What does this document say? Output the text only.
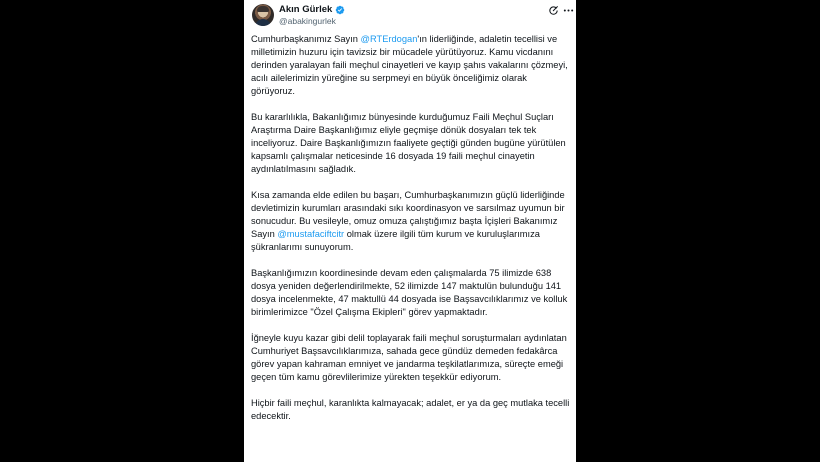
Akın Gürlek
@abakingurlek

Cumhurbaşkanımız Sayın @RTErdogan'ın liderliğinde, adaletin tecellisi ve milletimizin huzuru için tavizsiz bir mücadele yürütüyoruz. Kamu vicdanını derinden yaralayan faili meçhul cinayetleri ve kayıp şahıs vakalarını çözmeyi, acılı ailelerimizin yüreğine su serpmeyi en büyük önceliğimiz olarak görüyoruz.

Bu kararlılıkla, Bakanlığımız bünyesinde kurduğumuz Faili Meçhul Suçları Araştırma Daire Başkanlığımız eliyle geçmişe dönük dosyaları tek tek inceliyoruz. Daire Başkanlığımızın faaliyete geçtiği günden bugüne yürütülen kapsamlı çalışmalar neticesinde 16 dosyada 19 faili meçhul cinayetin aydınlatılmasını sağladık.

Kısa zamanda elde edilen bu başarı, Cumhurbaşkanımızın güçlü liderliğinde devletimizin kurumları arasındaki sıkı koordinasyon ve sarsılmaz uyumun bir sonucudur. Bu vesileyle, omuz omuza çalıştığımız başta İçişleri Bakanımız Sayın @mustafaciftcitr olmak üzere ilgili tüm kurum ve kuruluşlarımıza şükranlarımı sunuyorum.

Başkanlığımızın koordinesinde devam eden çalışmalarda 75 ilimizde 638 dosya yeniden değerlendirilmekte, 52 ilimizde 147 maktulün bulunduğu 141 dosya incelenmekte, 47 maktullü 44 dosyada ise Başsavcılıklarımız ve kolluk birimlerimizce "Özel Çalışma Ekipleri" görev yapmaktadır.

İğneyle kuyu kazar gibi delil toplayarak faili meçhul soruşturmaları aydınlatan Cumhuriyet Başsavcılıklarımıza, sahada gece gündüz demeden fedakârca görev yapan kahraman emniyet ve jandarma teşkilatlarımıza, süreçte emeği geçen tüm kamu görevlilerimize yürekten teşekkür ediyorum.

Hiçbir faili meçhul, karanlıkta kalmayacak; adalet, er ya da geç mutlaka tecelli edecektir.
